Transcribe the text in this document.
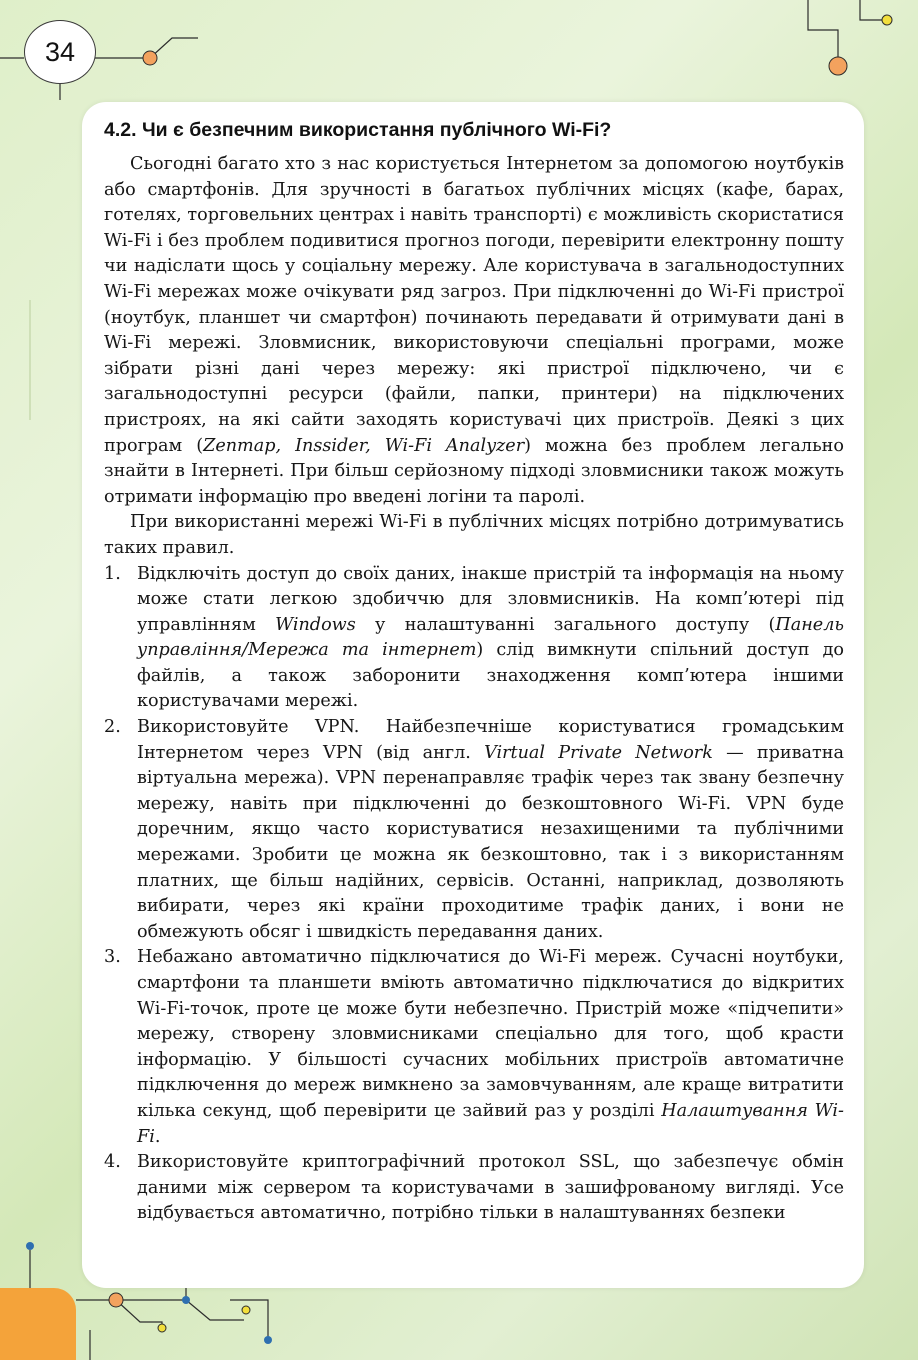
34
4.2. Чи є безпечним використання публічного Wi-Fi?

Сьогодні багато хто з нас користується Інтернетом за допомогою ноутбуків або смартфонів. Для зручності в багатьох публічних місцях (кафе, барах, готелях, торговельних центрах і навіть транспорті) є можливість скористатися Wi-Fi і без проблем подивитися прогноз погоди, перевірити електронну пошту чи надіслати щось у соціальну мережу. Але користувача в загальнодоступних Wi-Fi мережах може очікувати ряд загроз. При підключенні до Wi-Fi пристрої (ноутбук, планшет чи смартфон) починають передавати й отримувати дані в Wi-Fi мережі. Зловмисник, використовуючи спеціальні програми, може зібрати різні дані через мережу: які пристрої підключено, чи є загальнодоступні ресурси (файли, папки, принтери) на підключених пристроях, на які сайти заходять користувачі цих пристроїв. Деякі з цих програм (Zenmap, Inssider, Wi-Fi Analyzer) можна без проблем легально знайти в Інтернеті. При більш серйозному підході зловмисники також можуть отримати інформацію про введені логіни та паролі.

При використанні мережі Wi-Fi в публічних місцях потрібно дотримуватись таких правил.

1. Відключіть доступ до своїх даних, інакше пристрій та інформація на ньому може стати легкою здобиччю для зловмисників. На комп’ютері під управлінням Windows у налаштуванні загального доступу (Панель управління/Мережа та інтернет) слід вимкнути спільний доступ до файлів, а також заборонити знаходження комп’ютера іншими користувачами мережі.
2. Використовуйте VPN. Найбезпечніше користуватися громадським Інтернетом через VPN (від англ. Virtual Private Network — приватна віртуальна мережа). VPN перенаправляє трафік через так звану безпечну мережу, навіть при підключенні до безкоштовного Wi-Fi. VPN буде доречним, якщо часто користуватися незахищеними та публічними мережами. Зробити це можна як безкоштовно, так і з використанням платних, ще більш надійних, сервісів. Останні, наприклад, дозволяють вибирати, через які країни проходитиме трафік даних, і вони не обмежують обсяг і швидкість передавання даних.
3. Небажано автоматично підключатися до Wi-Fi мереж. Сучасні ноутбуки, смартфони та планшети вміють автоматично підключатися до відкритих Wi-Fi-точок, проте це може бути небезпечно. Пристрій може «підчепити» мережу, створену зловмисниками спеціально для того, щоб красти інформацію. У більшості сучасних мобільних пристроїв автоматичне підключення до мереж вимкнено за замовчуванням, але краще витратити кілька секунд, щоб перевірити це зайвий раз у розділі Налаштування Wi-Fi.
4. Використовуйте криптографічний протокол SSL, що забезпечує обмін даними між сервером та користувачами в зашифрованому вигляді. Усе відбувається автоматично, потрібно тільки в налаштуваннях безпеки
